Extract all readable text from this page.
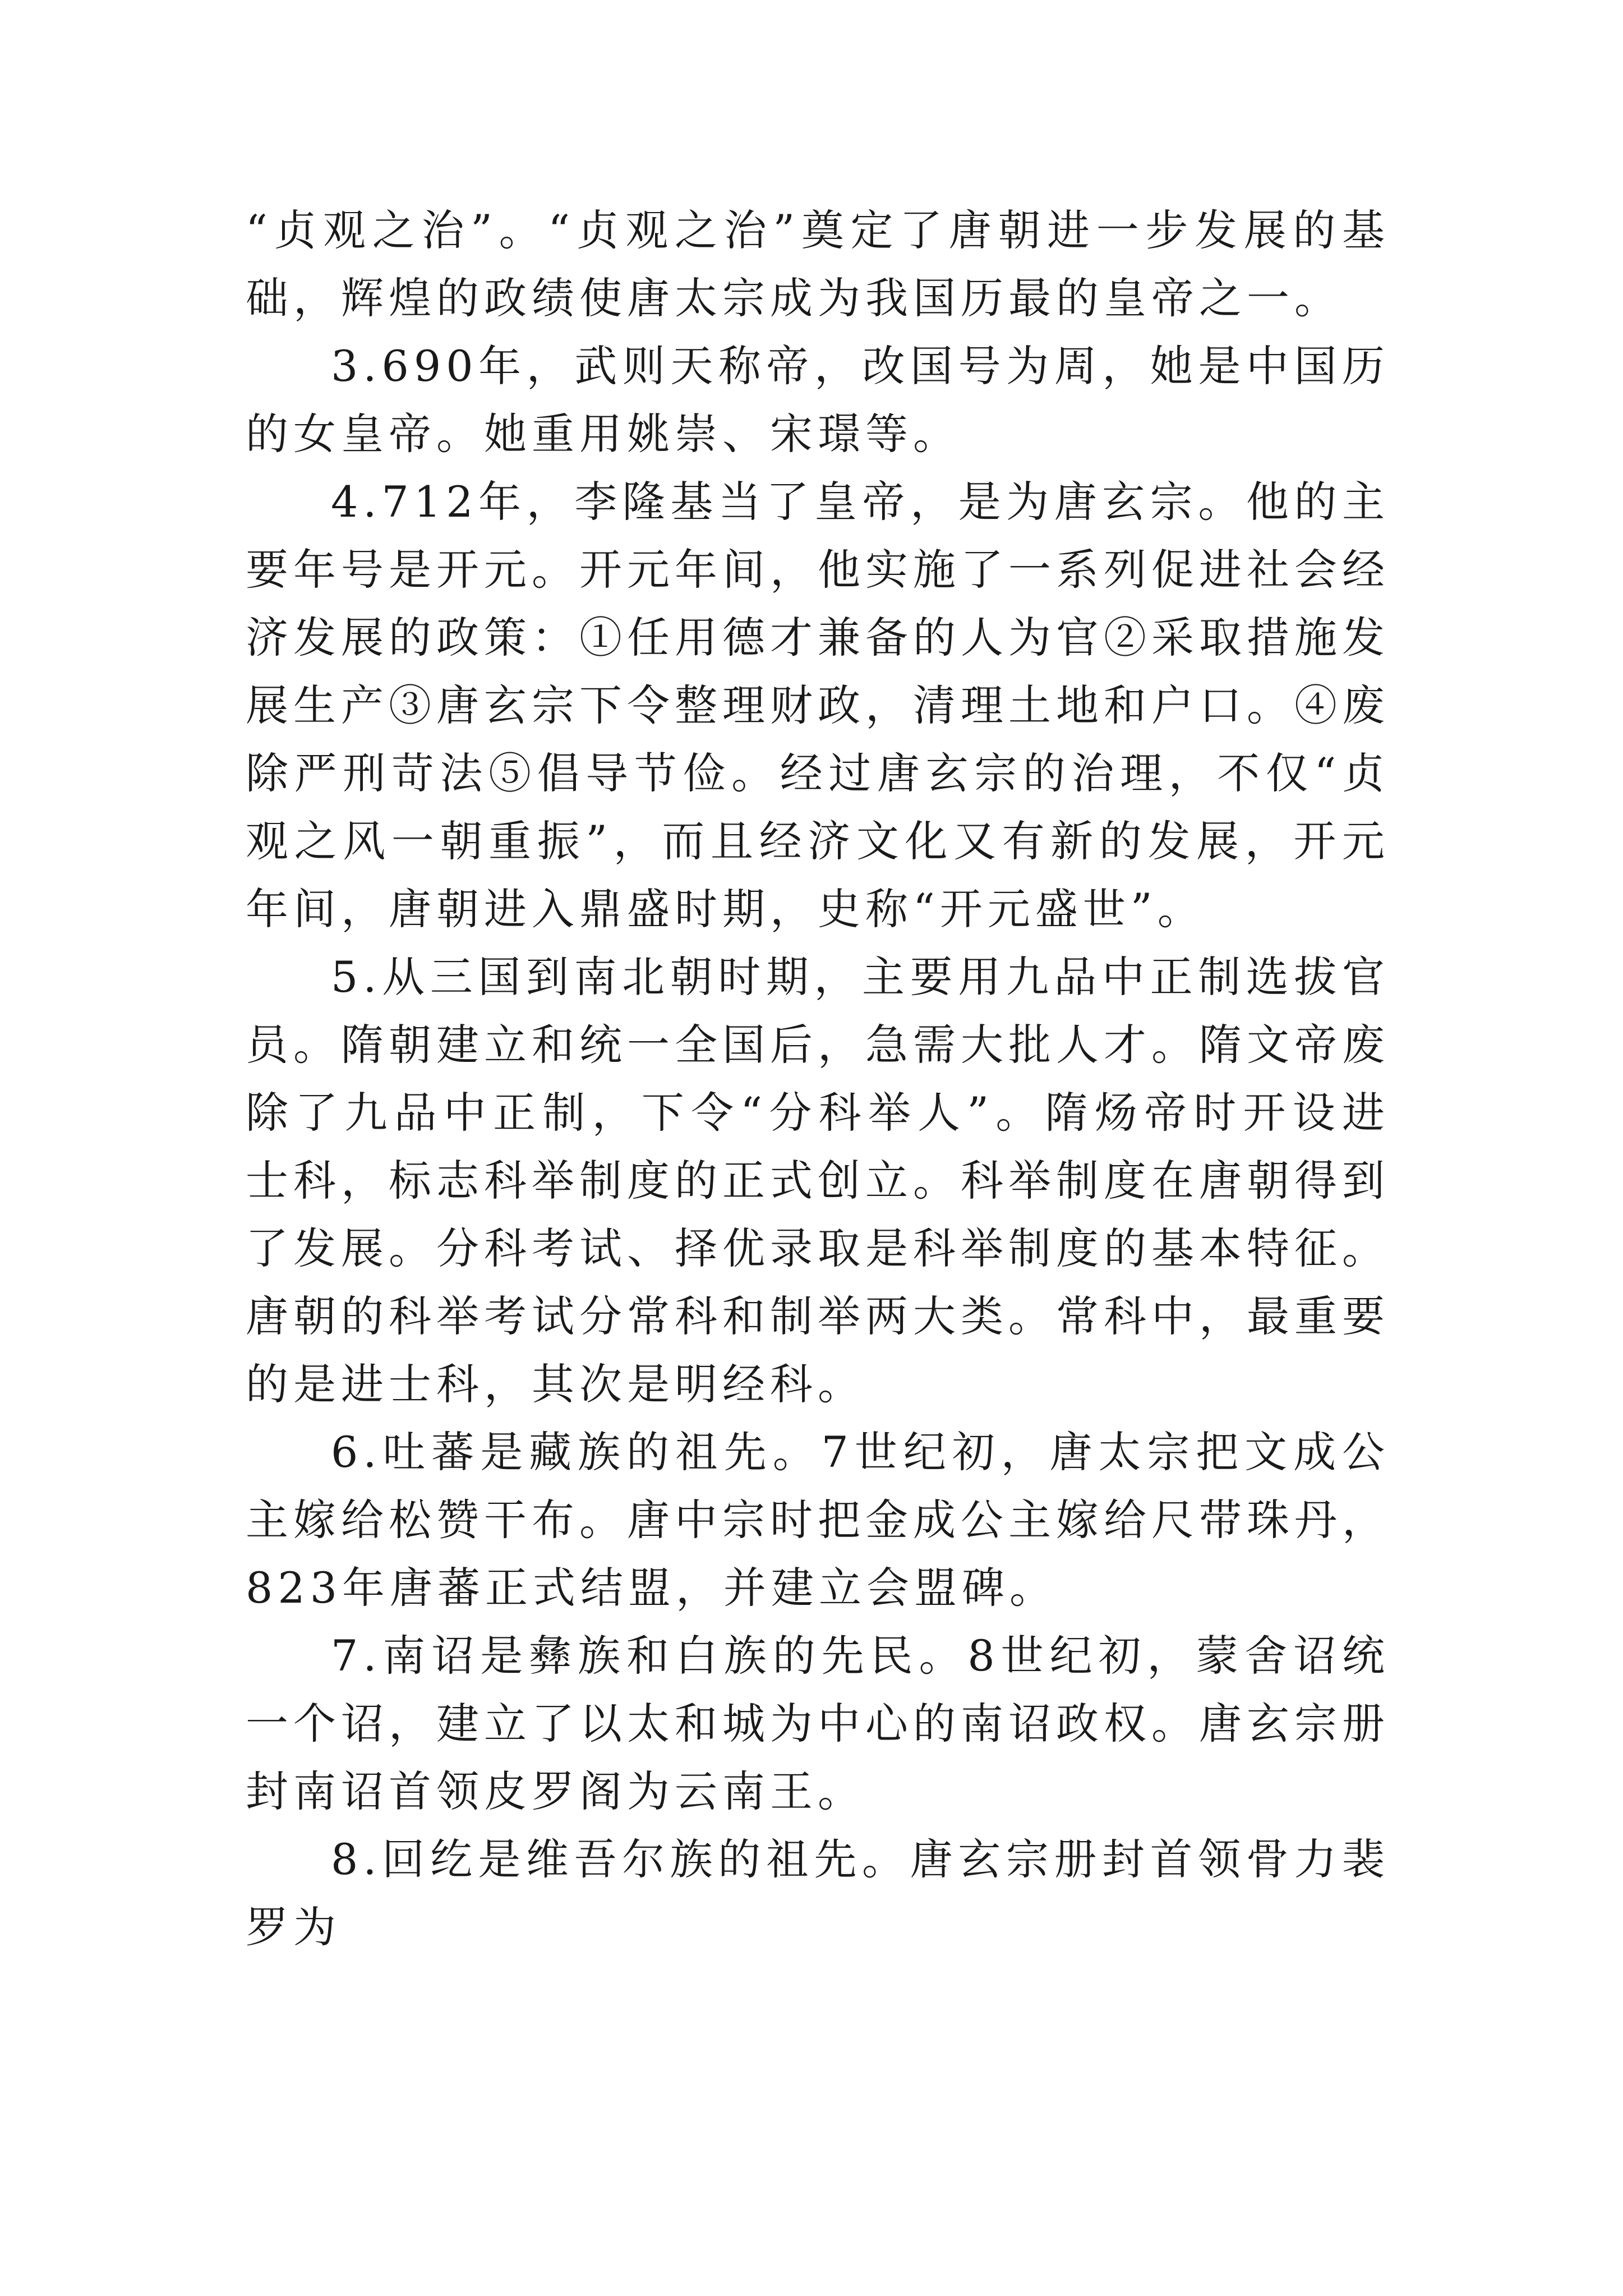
“贞观之治”。“贞观之治”奠定了唐朝进一步发展的基础，辉煌的政绩使唐太宗成为我国历最的皇帝之一。

3.690年，武则天称帝，改国号为周，她是中国历的女皇帝。她重用姚崇、宋璟等。

4.712年，李隆基当了皇帝，是为唐玄宗。他的主要年号是开元。开元年间，他实施了一系列促进社会经济发展的政策：①任用德才兼备的人为官②采取措施发展生产③唐玄宗下令整理财政，清理土地和户口。④废除严刑苛法⑤倡导节俭。经过唐玄宗的治理，不仅“贞观之风一朝重振”，而且经济文化又有新的发展，开元年间，唐朝进入鼎盛时期，史称“开元盛世”。

5.从三国到南北朝时期，主要用九品中正制选拔官员。隋朝建立和统一全国后，急需大批人才。隋文帝废除了九品中正制，下令“分科举人”。隋炀帝时开设进士科，标志科举制度的正式创立。科举制度在唐朝得到了发展。分科考试、择优录取是科举制度的基本特征。唐朝的科举考试分常科和制举两大类。常科中，最重要的是进士科，其次是明经科。

6.吐蕃是藏族的祖先。7世纪初，唐太宗把文成公主嫁给松赞干布。唐中宗时把金成公主嫁给尺带珠丹，823年唐蕃正式结盟，并建立会盟碑。

7.南诏是彝族和白族的先民。8世纪初，蒙舍诏统一个诏，建立了以太和城为中心的南诏政权。唐玄宗册封南诏首领皮罗阁为云南王。

8.回纥是维吾尔族的祖先。唐玄宗册封首领骨力裴罗为
